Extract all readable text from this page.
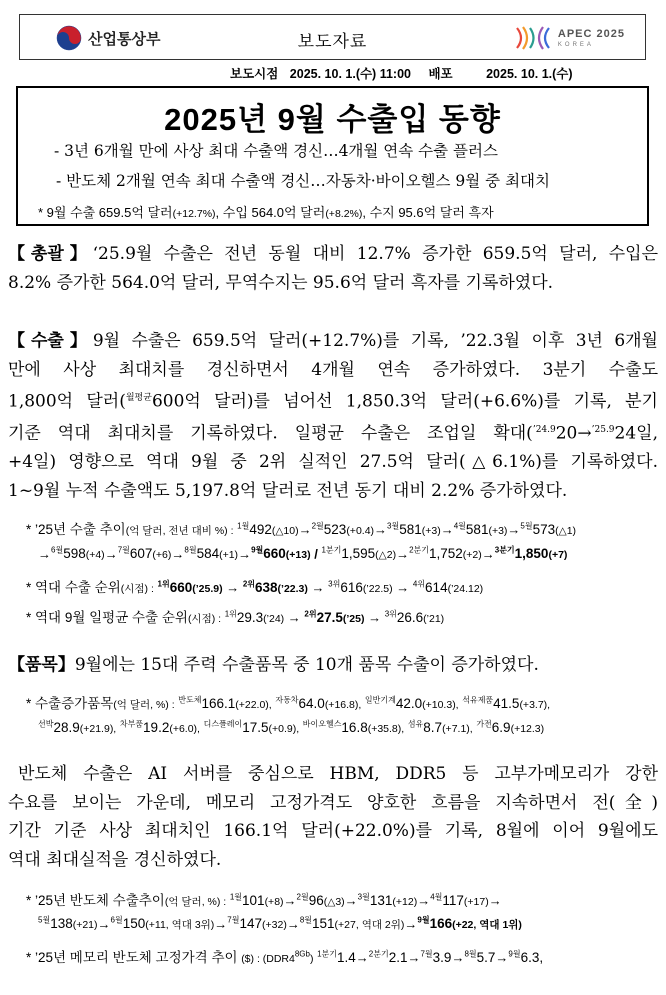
산업통상부	보도자료	APEC 2025
KOREA
보도시점 2025. 10. 1.(수) 11:00 배포	2025. 10. 1.(수)
2025년 9월 수출입 동향
- 3년 6개월 만에 사상 최대 수출액 경신…4개월 연속 수출 플러스
- 반도체 2개월 연속 최대 수출액 경신…자동차·바이오헬스 9월 중 최대치
* 9월 수출 659.5억 달러(+12.7%), 수입 564.0억 달러(+8.2%), 수지 95.6억 달러 흑자
【총괄】‘25.9월 수출은 전년 동월 대비 12.7% 증가한 659.5억 달러, 수입은
8.2% 증가한 564.0억 달러, 무역수지는 95.6억 달러 흑자를 기록하였다.
【수출】9월 수출은 659.5억 달러(+12.7%)를 기록, ’22.3월 이후 3년 6개월
만에 사상 최대치를 경신하면서 4개월 연속 증가하였다. 3분기 수출도
1,800억 달러($^{월평균}$600억 달러)를 넘어선 1,850.3억 달러(+6.6%)를 기록, 분기
기준 역대 최대치를 기록하였다. 일평균 수출은 조업일 확대($^{’24.9}$20→$^{’25.9}$24일,
+4일) 영향으로 역대 9월 중 2위 실적인 27.5억 달러(△6.1%)를 기록하였다.
1~9월 누적 수출액도 5,197.8억 달러로 전년 동기 대비 2.2% 증가하였다.
* ’25년 수출 추이(억 달러, 전년 대비 %) : $^{1월}$492(△10)→$^{2월}$523(+0.4)→$^{3월}$581(+3)→$^{4월}$581(+3)→$^{5월}$573(△1)
→$^{6월}$598(+4)→$^{7월}$607(+6)→$^{8월}$584(+1)→$^{9월}$660(+13) / $^{1분기}$1,595(△2)→$^{2분기}$1,752(+2)→$^{3분기}$1,850(+7)
* 역대 수출 순위(시점) : $^{1위}$660(’25.9) → $^{2위}$638(’22.3) → $^{3위}$616(’22.5) → $^{4위}$614(’24.12)
* 역대 9월 일평균 수출 순위(시점) : $^{1위}$29.3(’24) → $^{2위}$27.5(’25) → $^{3위}$26.6(’21)
【품목】9월에는 15대 주력 수출품목 중 10개 품목 수출이 증가하였다.
* 수출증가품목(억 달러, %) : $^{반도체}$166.1(+22.0), $^{자동차}$64.0(+16.8), $^{일반기계}$42.0(+10.3), $^{석유제품}$41.5(+3.7),
$^{선박}$28.9(+21.9), $^{차부품}$19.2(+6.0), $^{디스플레이}$17.5(+0.9), $^{바이오헬스}$16.8(+35.8), $^{섬유}$8.7(+7.1), $^{가전}$6.9(+12.3)
반도체 수출은 AI 서버를 중심으로 HBM, DDR5 등 고부가메모리가 강한
수요를 보이는 가운데, 메모리 고정가격도 양호한 흐름을 지속하면서 전(全)
기간 기준 사상 최대치인 166.1억 달러(+22.0%)를 기록, 8월에 이어 9월에도
역대 최대실적을 경신하였다.
* ’25년 반도체 수출추이(억 달러, %) : $^{1월}$101(+8)→$^{2월}$96(△3)→$^{3월}$131(+12)→$^{4월}$117(+17)→
$^{5월}$138(+21)→$^{6월}$150(+11, 역대 3위)→$^{7월}$147(+32)→$^{8월}$151(+27, 역대 2위)→$^{9월}$166(+22, 역대 1위)
* ’25년 메모리 반도체 고정가격 추이 ($) : $(DDR4^{8Gb})$ $^{1분기}$1.4→$^{2분기}$2.1→$^{7월}$3.9→$^{8월}$5.7→$^{9월}$6.3,
